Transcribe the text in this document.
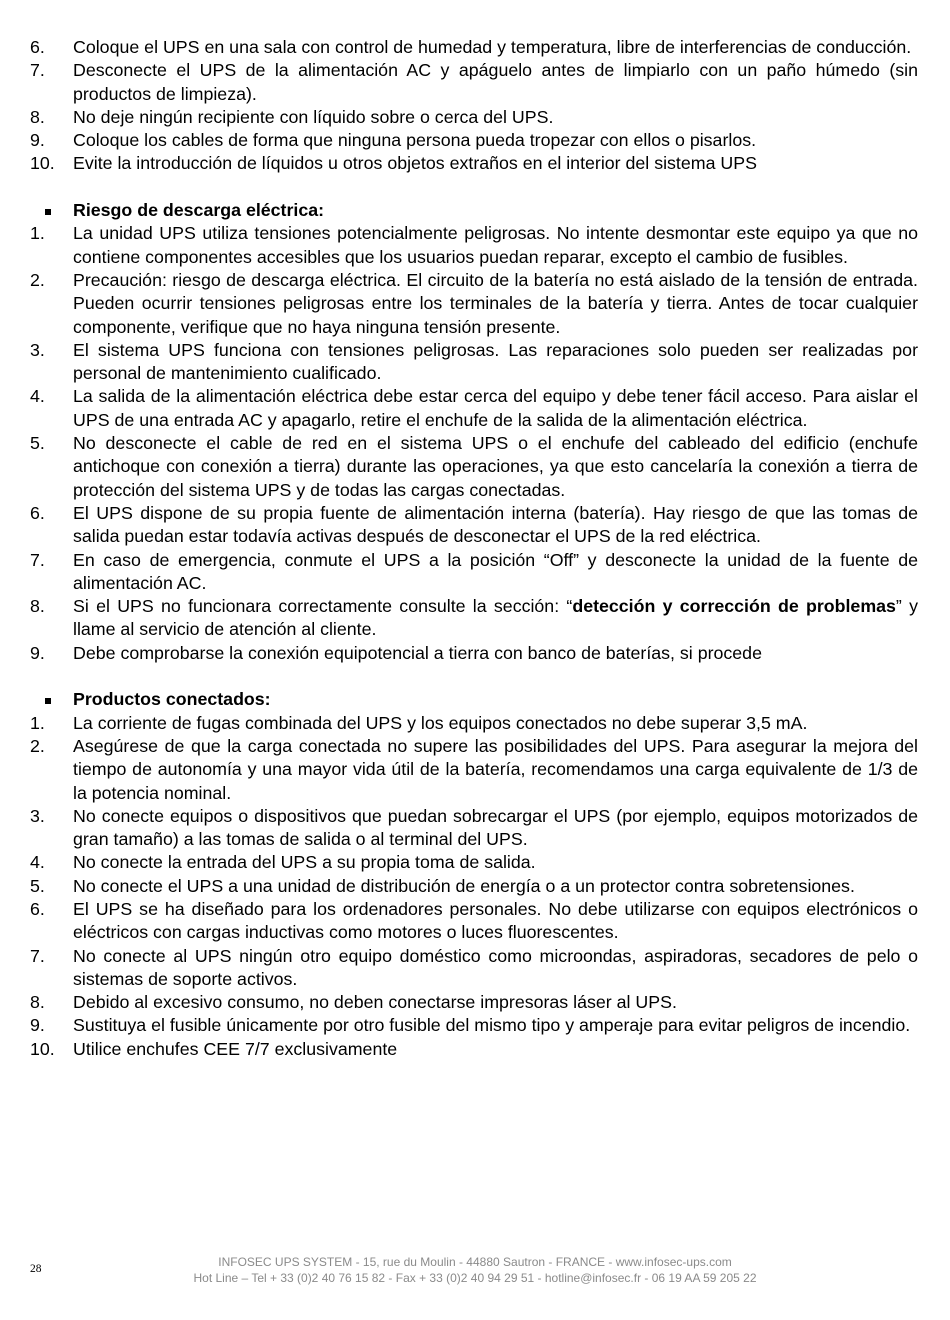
6.	Coloque el UPS en una sala con control de humedad y temperatura, libre de interferencias de conducción.
7.	Desconecte el UPS de la alimentación AC y apáguelo antes de limpiarlo con un paño húmedo (sin productos de limpieza).
8.	No deje ningún recipiente con líquido sobre o cerca del UPS.
9.	Coloque los cables de forma que ninguna persona pueda tropezar con ellos o pisarlos.
10.	Evite la introducción de líquidos u otros objetos extraños en el interior del sistema UPS
Riesgo de descarga eléctrica:
1.	La unidad UPS utiliza tensiones potencialmente peligrosas. No intente desmontar este equipo ya que no contiene componentes accesibles que los usuarios puedan reparar, excepto el cambio de fusibles.
2.	Precaución: riesgo de descarga eléctrica. El circuito de la batería no está aislado de la tensión de entrada. Pueden ocurrir tensiones peligrosas entre los terminales de la batería y tierra. Antes de tocar cualquier componente, verifique que no haya ninguna tensión presente.
3.	El sistema UPS funciona con tensiones peligrosas. Las reparaciones solo pueden ser realizadas por personal de mantenimiento cualificado.
4.	La salida de la alimentación eléctrica debe estar cerca del equipo y debe tener fácil acceso. Para aislar el UPS de una entrada AC y apagarlo, retire el enchufe de la salida de la alimentación eléctrica.
5.	No desconecte el cable de red en el sistema UPS o el enchufe del cableado del edificio (enchufe antichoque con conexión a tierra) durante las operaciones, ya que esto cancelaría la conexión a tierra de protección del sistema UPS y de todas las cargas conectadas.
6.	El UPS dispone de su propia fuente de alimentación interna (batería). Hay riesgo de que las tomas de salida puedan estar todavía activas después de desconectar el UPS de la red eléctrica.
7.	En caso de emergencia, conmute el UPS a la posición “Off” y desconecte la unidad de la fuente de alimentación AC.
8.	Si el UPS no funcionara correctamente consulte la sección: “detección y corrección de problemas” y llame al servicio de atención al cliente.
9.	Debe comprobarse la conexión equipotencial a tierra con banco de baterías, si procede
Productos conectados:
1.	La corriente de fugas combinada del UPS y los equipos conectados no debe superar 3,5 mA.
2.	Asegúrese de que la carga conectada no supere las posibilidades del UPS. Para asegurar la mejora del tiempo de autonomía y una mayor vida útil de la batería, recomendamos una carga equivalente de 1/3 de la potencia nominal.
3.	No conecte equipos o dispositivos que puedan sobrecargar el UPS (por ejemplo, equipos motorizados de gran tamaño) a las tomas de salida o al terminal del UPS.
4.	No conecte la entrada del UPS a su propia toma de salida.
5.	No conecte el UPS a una unidad de distribución de energía o a un protector contra sobretensiones.
6.	El UPS se ha diseñado para los ordenadores personales. No debe utilizarse con equipos electrónicos o eléctricos con cargas inductivas como motores o luces fluorescentes.
7.	No conecte al UPS ningún otro equipo doméstico como microondas, aspiradoras, secadores de pelo o sistemas de soporte activos.
8.	Debido al excesivo consumo, no deben conectarse impresoras láser al UPS.
9.	Sustituya el fusible únicamente por otro fusible del mismo tipo y amperaje para evitar peligros de incendio.
10.	Utilice enchufes CEE 7/7 exclusivamente
28	INFOSEC UPS SYSTEM - 15, rue du Moulin - 44880 Sautron - FRANCE - www.infosec-ups.com
Hot Line – Tel + 33 (0)2 40 76 15 82 - Fax + 33 (0)2 40 94 29 51 - hotline@infosec.fr - 06 19 AA 59 205 22
